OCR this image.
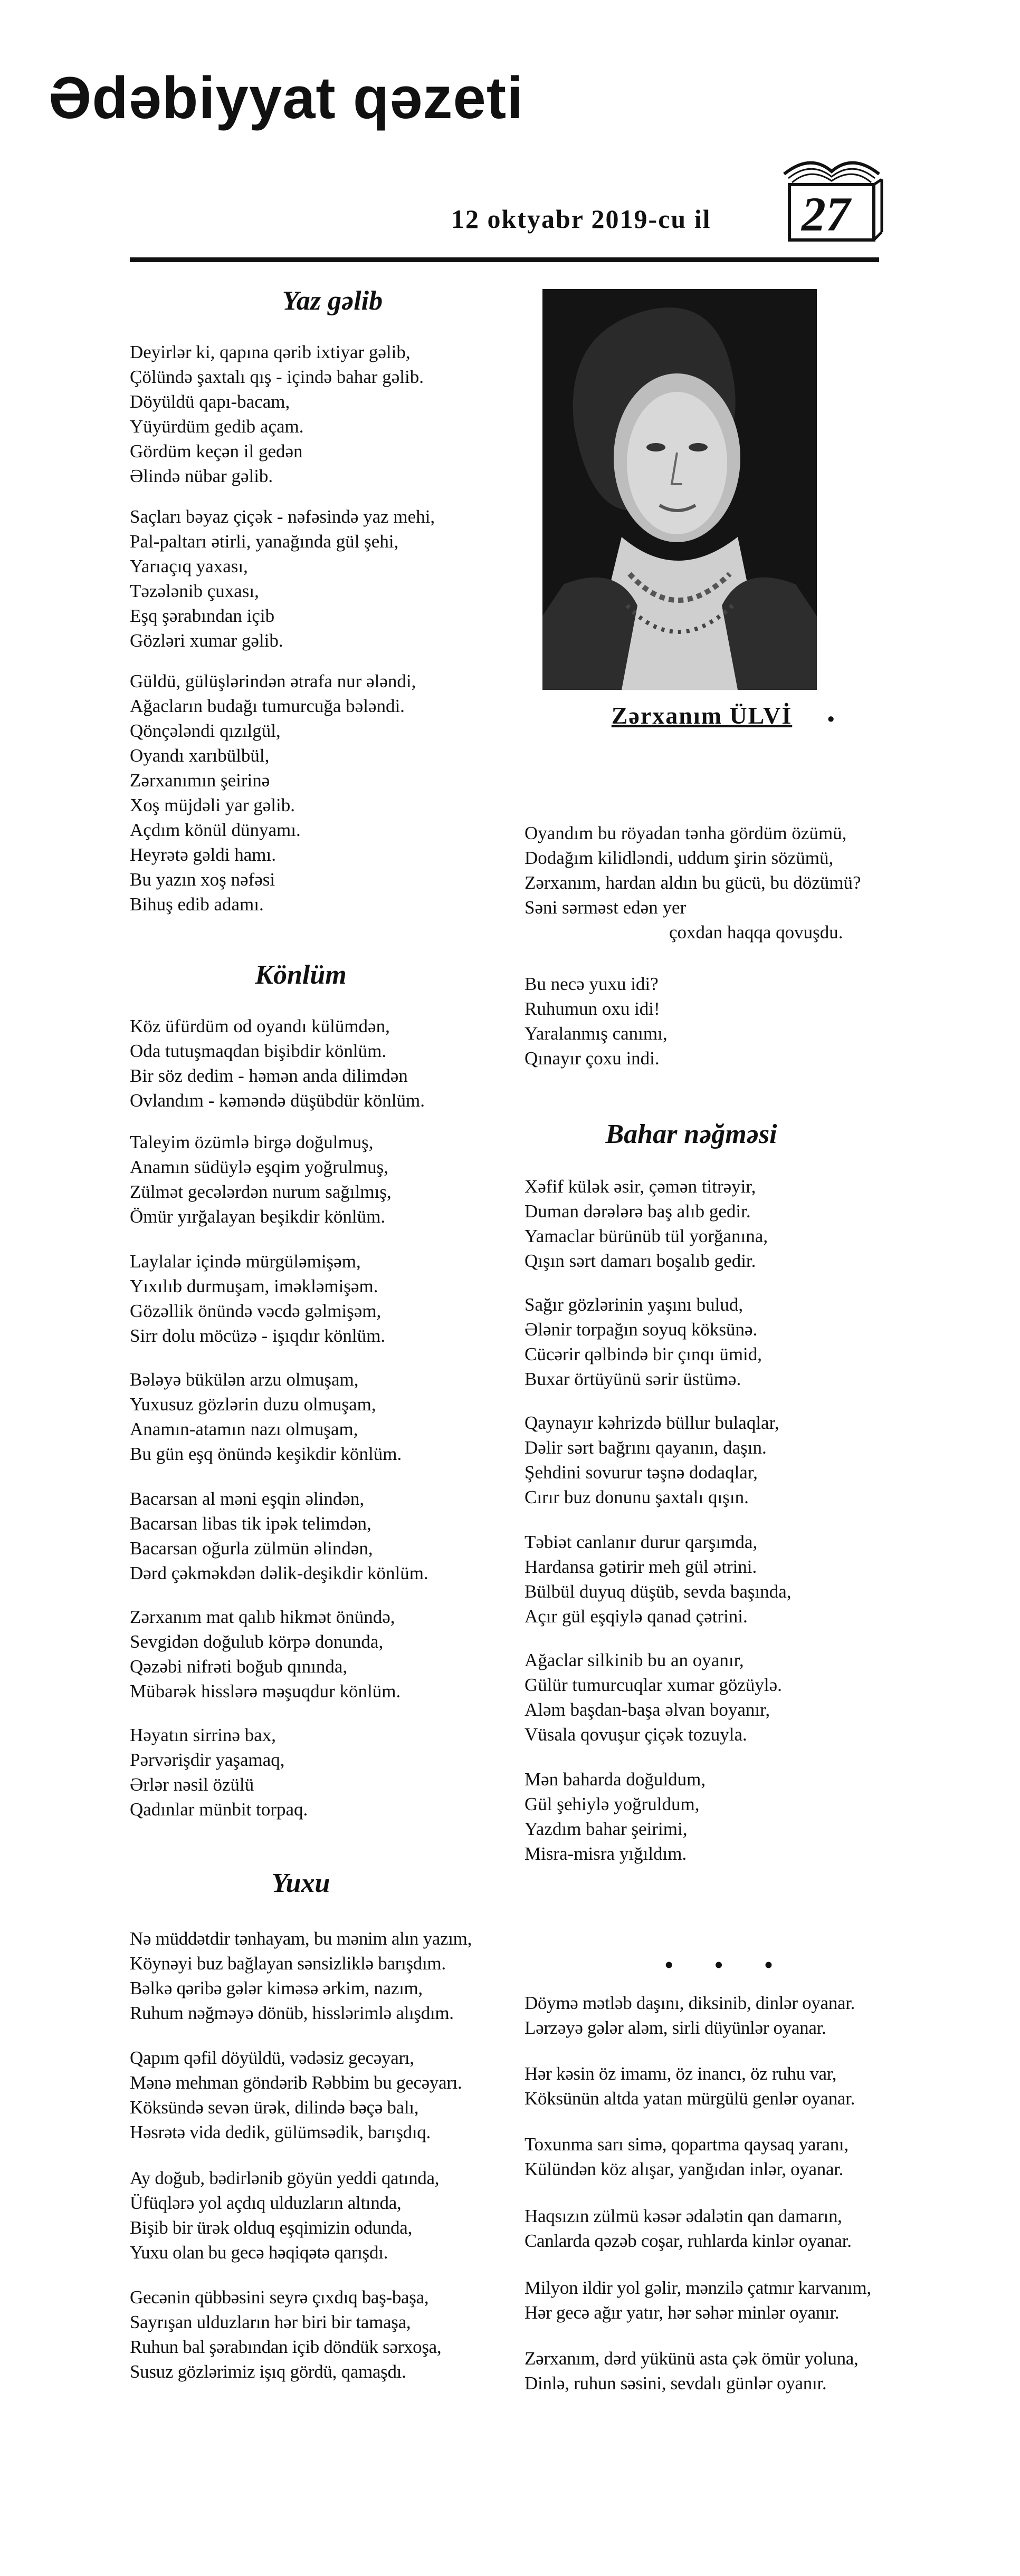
Ədəbiyyat qəzeti
12 oktyabr 2019-cu il 27
Yaz gəlib
Deyirlər ki, qapına qərib ixtiyar gəlib,
Çölündə şaxtalı qış - içində bahar gəlib.
Döyüldü qapı-bacam,
Yüyürdüm gedib açam.
Gördüm keçən il gedən
Əlində nübar gəlib.
Saçları bəyaz çiçək - nəfəsində yaz mehi,
Pal-paltarı ətirli, yanağında gül şehi,
Yarıaçıq yaxası,
Təzələnib çuxası,
Eşq şərabından içib
Gözləri xumar gəlib.
Güldü, gülüşlərindən ətrafa nur ələndi,
Ağacların budağı tumurcuğa bələndi.
Qönçələndi qızılgül,
Oyandı xarıbülbül,
Zərxanımın şeirinə
Xoş müjdəli yar gəlib.
Açdım könül dünyamı.
Heyrətə gəldi hamı.
Bu yazın xoş nəfəsi
Bihuş edib adamı.
Könlüm
Köz üfürdüm od oyandı külümdən,
Oda tutuşmaqdan bişibdir könlüm.
Bir söz dedim - həmən anda dilimdən
Ovlandım - kəməndə düşübdür könlüm.
Taleyim özümlə birgə doğulmuş,
Anamın südüylə eşqim yoğrulmuş,
Zülmət gecələrdən nurum sağılmış,
Ömür yırğalayan beşikdir könlüm.
Laylalar içində mürgüləmişəm,
Yıxılıb durmuşam, iməkləmişəm.
Gözəllik önündə vəcdə gəlmişəm,
Sirr dolu möcüzə - işıqdır könlüm.
Bələyə bükülən arzu olmuşam,
Yuxusuz gözlərin duzu olmuşam,
Anamın-atamın nazı olmuşam,
Bu gün eşq önündə keşikdir könlüm.
Bacarsan al məni eşqin əlindən,
Bacarsan libas tik ipək telimdən,
Bacarsan oğurla zülmün əlindən,
Dərd çəkməkdən dəlik-deşikdir könlüm.
Zərxanım mat qalıb hikmət önündə,
Sevgidən doğulub körpə donunda,
Qəzəbi nifrəti boğub qınında,
Mübarək hisslərə məşuqdur könlüm.
Həyatın sirrinə bax,
Pərvərişdir yaşamaq,
Ərlər nəsil özülü
Qadınlar münbit torpaq.
Yuxu
Nə müddətdir tənhayam, bu mənim alın yazım,
Köynəyi buz bağlayan sənsizliklə barışdım.
Bəlkə qəribə gələr kiməsə ərkim, nazım,
Ruhum nəğməyə dönüb, hisslərimlə alışdım.
Qapım qəfil döyüldü, vədəsiz gecəyarı,
Mənə mehman göndərib Rəbbim bu gecəyarı.
Köksündə sevən ürək, dilində bəçə balı,
Həsrətə vida dedik, gülümsədik, barışdıq.
Ay doğub, bədirlənib göyün yeddi qatında,
Üfüqlərə yol açdıq ulduzların altında,
Bişib bir ürək olduq eşqimizin odunda,
Yuxu olan bu gecə həqiqətə qarışdı.
Gecənin qübbəsini seyrə çıxdıq baş-başa,
Sayrışan ulduzların hər biri bir tamaşa,
Ruhun bal şərabından içib döndük sərxoşa,
Susuz gözlərimiz işıq gördü, qamaşdı.
Zərxanım ÜLVİ	•
Oyandım bu röyadan tənha gördüm özümü,
Dodağım kilidləndi, uddum şirin sözümü,
Zərxanım, hardan aldın bu gücü, bu dözümü?
Səni sərməst edən yer
çoxdan haqqa qovuşdu.
Bu necə yuxu idi?
Ruhumun oxu idi!
Yaralanmış canımı,
Qınayır çoxu indi.
Bahar nəğməsi
Xəfif külək əsir, çəmən titrəyir,
Duman dərələrə baş alıb gedir.
Yamaclar bürünüb tül yorğanına,
Qışın sərt damarı boşalıb gedir.
Sağır gözlərinin yaşını bulud,
Ələnir torpağın soyuq köksünə.
Cücərir qəlbində bir çınqı ümid,
Buxar örtüyünü sərir üstümə.
Qaynayır kəhrizdə büllur bulaqlar,
Dəlir sərt bağrını qayanın, daşın.
Şehdini sovurur təşnə dodaqlar,
Cırır buz donunu şaxtalı qışın.
Təbiət canlanır durur qarşımda,
Hardansa gətirir meh gül ətrini.
Bülbül duyuq düşüb, sevda başında,
Açır gül eşqiylə qanad çətrini.
Ağaclar silkinib bu an oyanır,
Gülür tumurcuqlar xumar gözüylə.
Aləm başdan-başa əlvan boyanır,
Vüsala qovuşur çiçək tozuyla.
Mən baharda doğuldum,
Gül şehiylə yoğruldum,
Yazdım bahar şeirimi,
Misra-misra yığıldım.
• • •
Döymə mətləb daşını, diksinib, dinlər oyanar.
Lərzəyə gələr aləm, sirli düyünlər oyanar.
Hər kəsin öz imamı, öz inancı, öz ruhu var,
Köksünün altda yatan mürgülü genlər oyanar.
Toxunma sarı simə, qopartma qaysaq yaranı,
Külündən köz alışar, yanğıdan inlər, oyanar.
Haqsızın zülmü kəsər ədalətin qan damarın,
Canlarda qəzəb coşar, ruhlarda kinlər oyanar.
Milyon ildir yol gəlir, mənzilə çatmır karvanım,
Hər gecə ağır yatır, hər səhər minlər oyanır.
Zərxanım, dərd yükünü asta çək ömür yolunа,
Dinlə, ruhun səsini, sevdalı günlər oyanır.
